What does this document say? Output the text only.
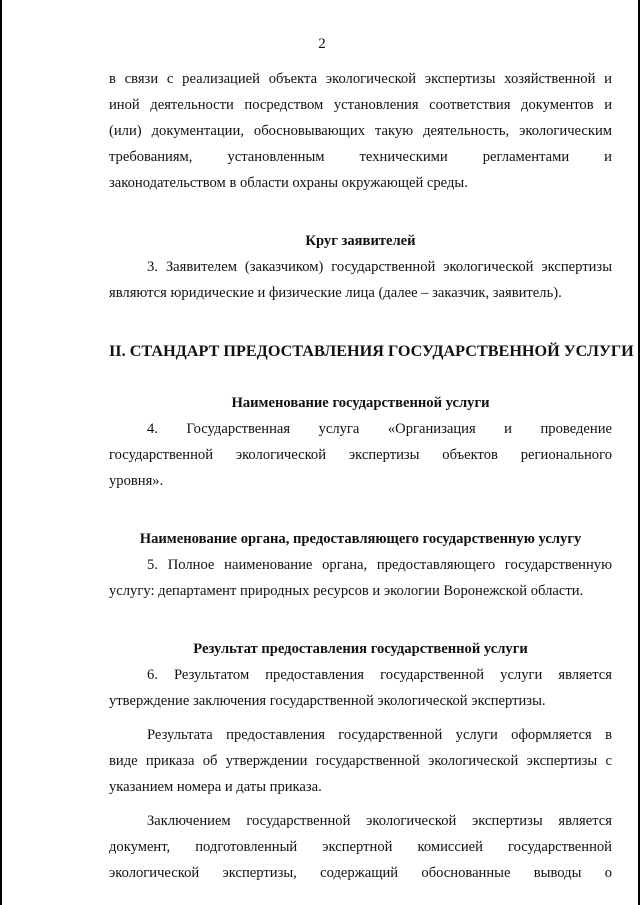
2
в связи с реализацией объекта экологической экспертизы хозяйственной и
иной деятельности посредством установления соответствия документов и
(или) документации, обосновывающих такую деятельность, экологическим
требованиям, установленным техническими регламентами и
законодательством в области охраны окружающей среды.
Круг заявителей
3. Заявителем (заказчиком) государственной экологической экспертизы
являются юридические и физические лица (далее – заказчик, заявитель).
II. СТАНДАРТ ПРЕДОСТАВЛЕНИЯ ГОСУДАРСТВЕННОЙ УСЛУГИ
Наименование государственной услуги
4. Государственная услуга «Организация и проведение
государственной экологической экспертизы объектов регионального
уровня».
Наименование органа, предоставляющего государственную услугу
5. Полное наименование органа, предоставляющего государственную
услугу: департамент природных ресурсов и экологии Воронежской области.
Результат предоставления государственной услуги
6. Результатом предоставления государственной услуги является
утверждение заключения государственной экологической экспертизы.
Результата предоставления государственной услуги оформляется в
виде приказа об утверждении государственной экологической экспертизы с
указанием номера и даты приказа.
Заключением государственной экологической экспертизы является
документ, подготовленный экспертной комиссией государственной
экологической экспертизы, содержащий обоснованные выводы о
